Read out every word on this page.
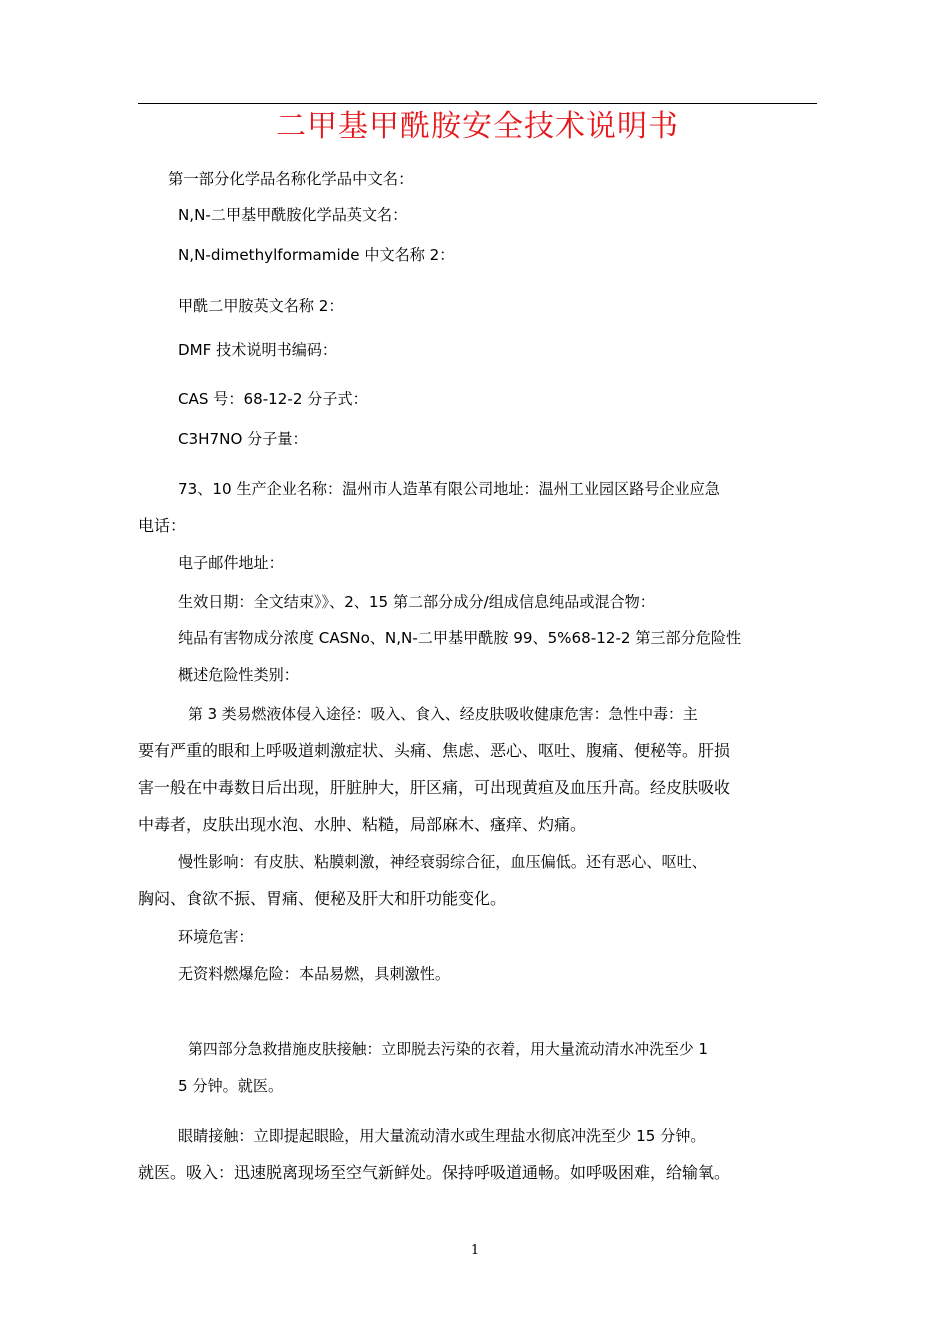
二甲基甲酰胺安全技术说明书
第一部分化学品名称化学品中文名：
N,N-二甲基甲酰胺化学品英文名：
N,N-dimethylformamide 中文名称 2：
甲酰二甲胺英文名称 2：
DMF 技术说明书编码：
CAS 号：68-12-2 分子式：
C3H7NO 分子量：
73、10 生产企业名称：温州市人造革有限公司地址：温州工业园区路号企业应急
电话：
电子邮件地址：
生效日期：全文结束》》、2、15 第二部分成分/组成信息纯品或混合物：
纯品有害物成分浓度 CASNo、N,N-二甲基甲酰胺 99、5%68-12-2 第三部分危险性
概述危险性类别：
第 3 类易燃液体侵入途径：吸入、食入、经皮肤吸收健康危害：急性中毒：主
要有严重的眼和上呼吸道刺激症状、头痛、焦虑、恶心、呕吐、腹痛、便秘等。肝损
害一般在中毒数日后出现，肝脏肿大，肝区痛，可出现黄疸及血压升高。经皮肤吸收
中毒者，皮肤出现水泡、水肿、粘糙，局部麻木、瘙痒、灼痛。
慢性影响：有皮肤、粘膜刺激，神经衰弱综合征，血压偏低。还有恶心、呕吐、
胸闷、食欲不振、胃痛、便秘及肝大和肝功能变化。
环境危害：
无资料燃爆危险：本品易燃，具刺激性。
第四部分急救措施皮肤接触：立即脱去污染的衣着，用大量流动清水冲洗至少 1
5 分钟。就医。
眼睛接触：立即提起眼睑，用大量流动清水或生理盐水彻底冲洗至少 15 分钟。
就医。吸入：迅速脱离现场至空气新鲜处。保持呼吸道通畅。如呼吸困难，给输氧。
1
